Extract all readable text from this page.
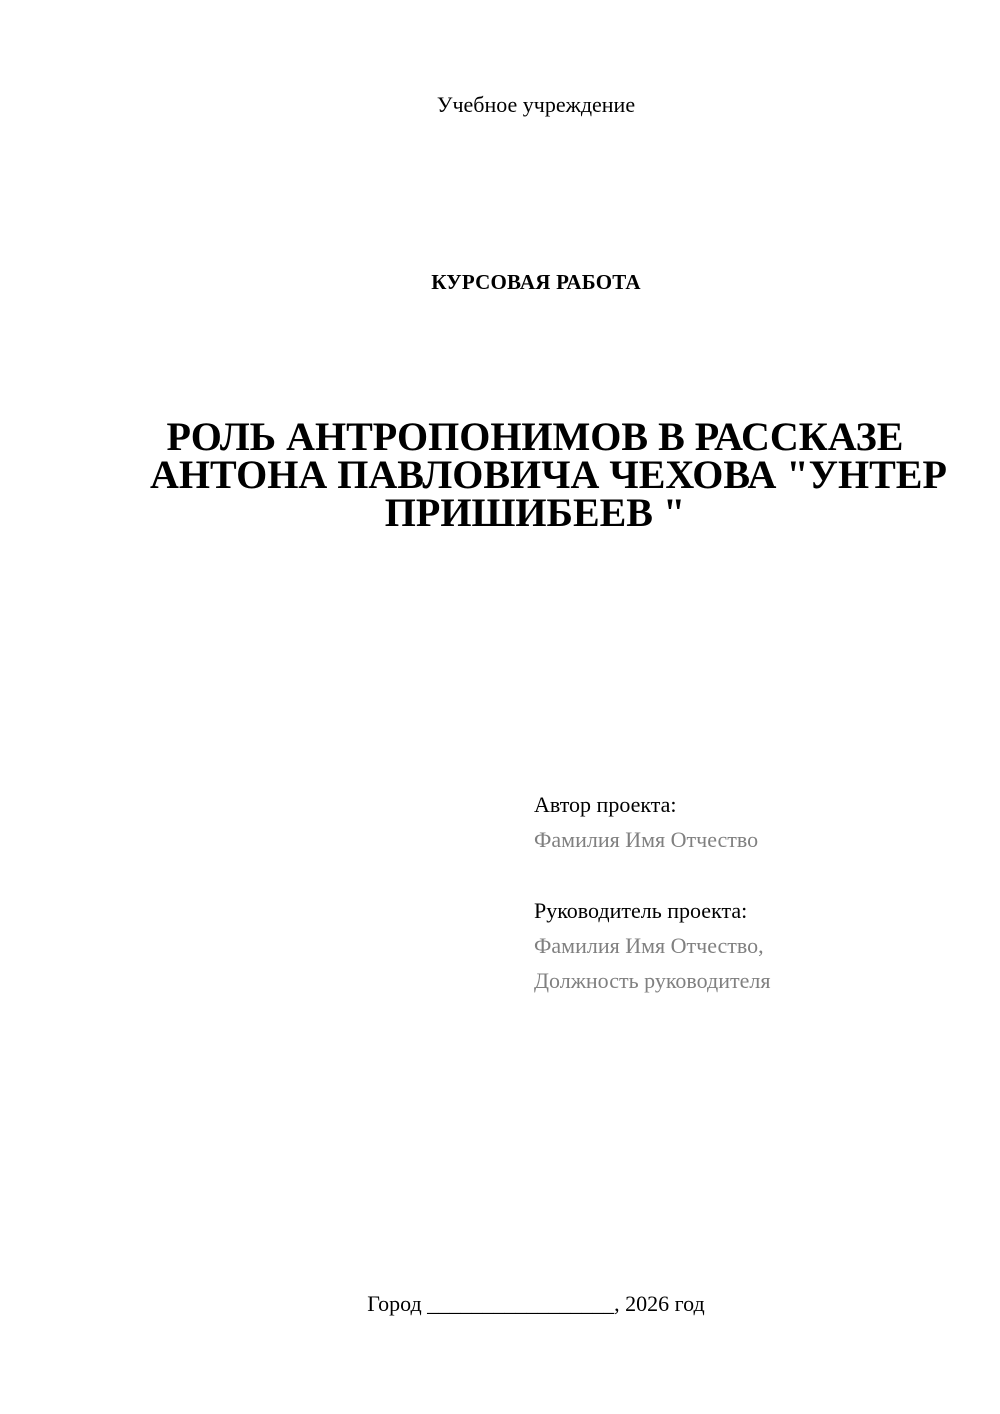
Учебное учреждение
КУРСОВАЯ РАБОТА
РОЛЬ АНТРОПОНИМОВ В РАССКАЗЕ
АНТОНА ПАВЛОВИЧА ЧЕХОВА "УНТЕР
ПРИШИБЕЕВ "
Автор проекта:
Фамилия Имя Отчество
Руководитель проекта:
Фамилия Имя Отчество,
Должность руководителя
Город _________________, 2026 год
